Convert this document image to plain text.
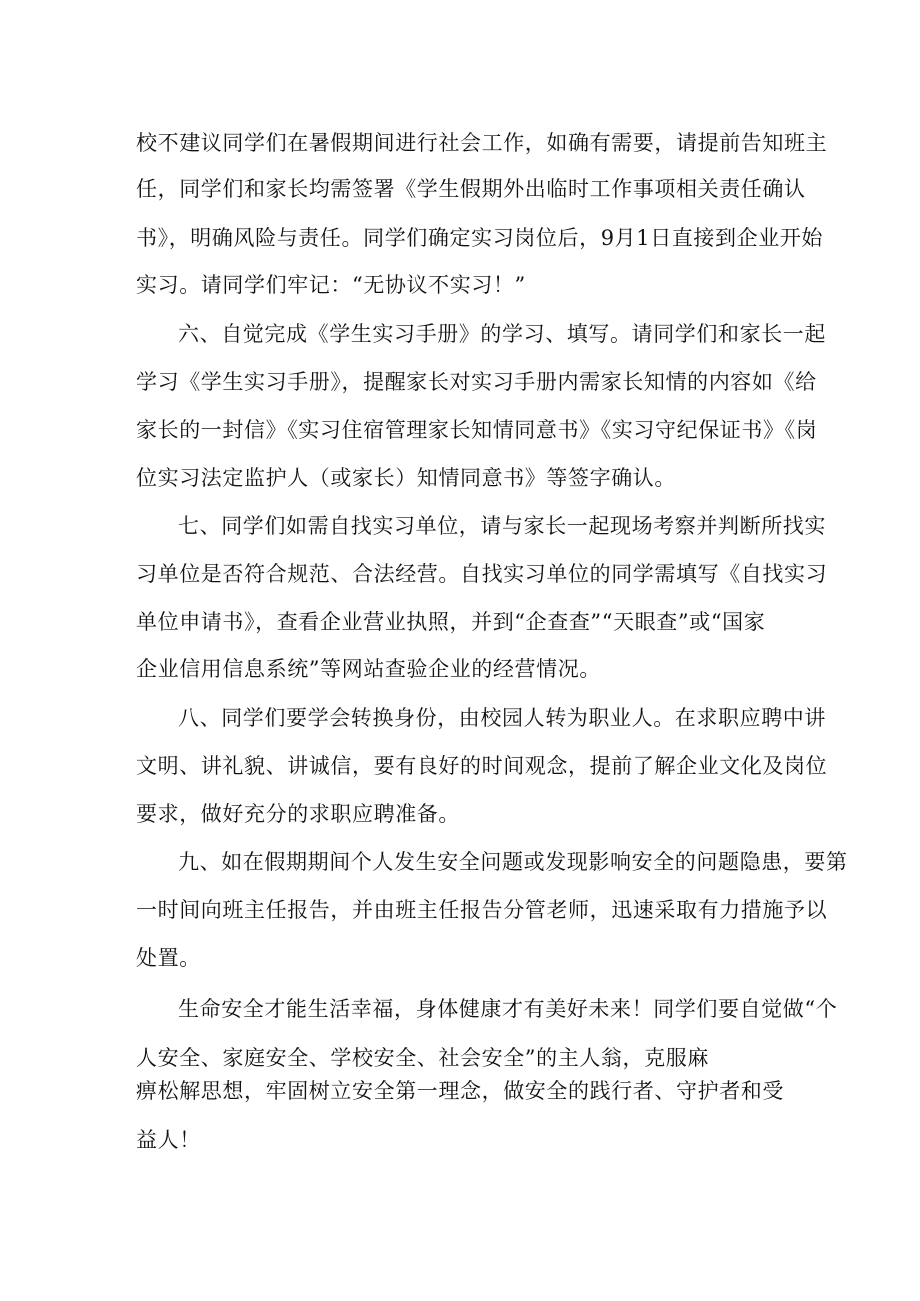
校不建议同学们在暑假期间进行社会工作，如确有需要，请提前告知班主
任，同学们和家长均需签署《学生假期外出临时工作事项相关责任确认
书》，明确风险与责任。同学们确定实习岗位后，9月1日直接到企业开始
实习。请同学们牢记：“无协议不实习！”
六、自觉完成《学生实习手册》的学习、填写。请同学们和家长一起
学习《学生实习手册》，提醒家长对实习手册内需家长知情的内容如《给
家长的一封信》《实习住宿管理家长知情同意书》《实习守纪保证书》《岗
位实习法定监护人（或家长）知情同意书》等签字确认。
七、同学们如需自找实习单位，请与家长一起现场考察并判断所找实
习单位是否符合规范、合法经营。自找实习单位的同学需填写《自找实习
单位申请书》，查看企业营业执照，并到“企查查”“天眼查”或“国家
企业信用信息系统”等网站查验企业的经营情况。
八、同学们要学会转换身份，由校园人转为职业人。在求职应聘中讲
文明、讲礼貌、讲诚信，要有良好的时间观念，提前了解企业文化及岗位
要求，做好充分的求职应聘准备。
九、如在假期期间个人发生安全问题或发现影响安全的问题隐患，要第
一时间向班主任报告，并由班主任报告分管老师，迅速采取有力措施予以
处置。
生命安全才能生活幸福，身体健康才有美好未来！同学们要自觉做“个
人安全、家庭安全、学校安全、社会安全”的主人翁，克服麻
痹松解思想，牢固树立安全第一理念，做安全的践行者、守护者和受
益人！
